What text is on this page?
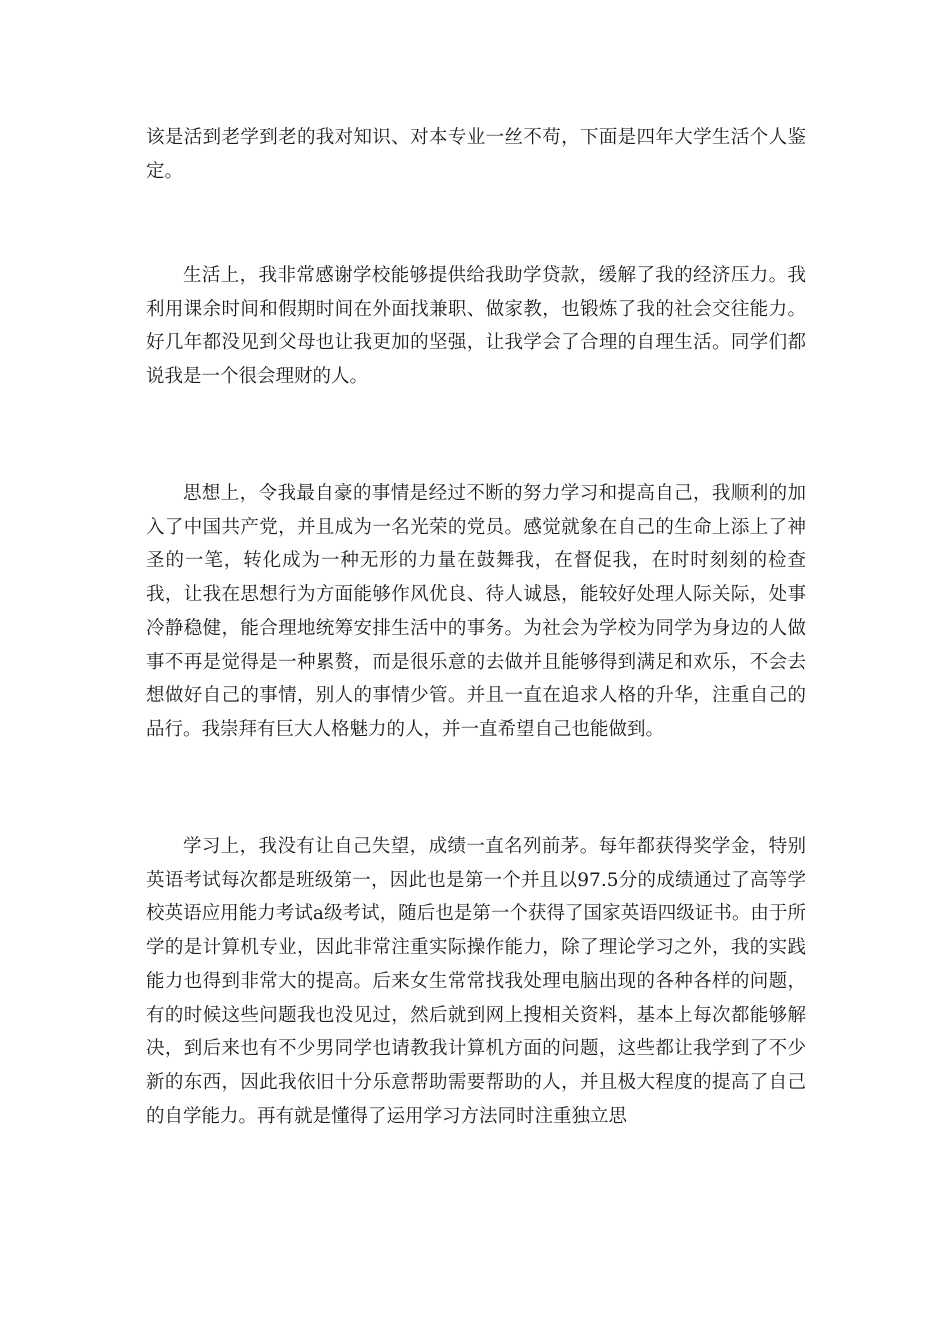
该是活到老学到老的我对知识、对本专业一丝不苟，下面是四年大学生活个人鉴定。

生活上，我非常感谢学校能够提供给我助学贷款，缓解了我的经济压力。我利用课余时间和假期时间在外面找兼职、做家教，也锻炼了我的社会交往能力。好几年都没见到父母也让我更加的坚强，让我学会了合理的自理生活。同学们都说我是一个很会理财的人。

思想上，令我最自豪的事情是经过不断的努力学习和提高自己，我顺利的加入了中国共产党，并且成为一名光荣的党员。感觉就象在自己的生命上添上了神圣的一笔，转化成为一种无形的力量在鼓舞我，在督促我，在时时刻刻的检查我，让我在思想行为方面能够作风优良、待人诚恳，能较好处理人际关际，处事冷静稳健，能合理地统筹安排生活中的事务。为社会为学校为同学为身边的人做事不再是觉得是一种累赘，而是很乐意的去做并且能够得到满足和欢乐，不会去想做好自己的事情，别人的事情少管。并且一直在追求人格的升华，注重自己的品行。我崇拜有巨大人格魅力的人，并一直希望自己也能做到。

学习上，我没有让自己失望，成绩一直名列前茅。每年都获得奖学金，特别英语考试每次都是班级第一，因此也是第一个并且以97.5分的成绩通过了高等学校英语应用能力考试a级考试，随后也是第一个获得了国家英语四级证书。由于所学的是计算机专业，因此非常注重实际操作能力，除了理论学习之外，我的实践能力也得到非常大的提高。后来女生常常找我处理电脑出现的各种各样的问题，有的时候这些问题我也没见过，然后就到网上搜相关资料，基本上每次都能够解决，到后来也有不少男同学也请教我计算机方面的问题，这些都让我学到了不少新的东西，因此我依旧十分乐意帮助需要帮助的人，并且极大程度的提高了自己的自学能力。再有就是懂得了运用学习方法同时注重独立思
